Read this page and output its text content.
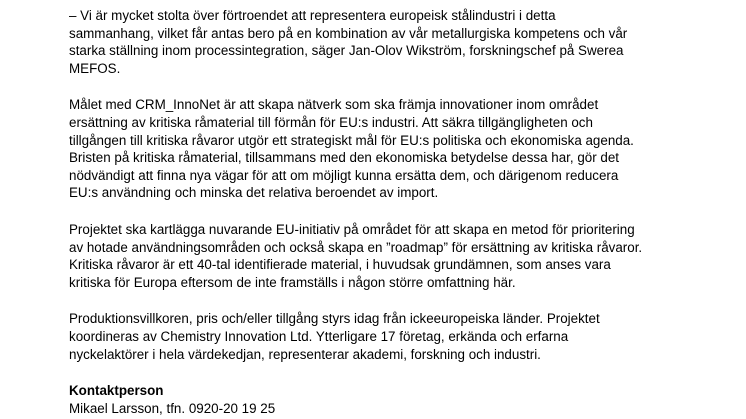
– Vi är mycket stolta över förtroendet att representera europeisk stålindustri i detta
sammanhang, vilket får antas bero på en kombination av vår metallurgiska kompetens och vår
starka ställning inom processintegration, säger Jan-Olov Wikström, forskningschef på Swerea
MEFOS.

Målet med CRM_InnoNet är att skapa nätverk som ska främja innovationer inom området
ersättning av kritiska råmaterial till förmån för EU:s industri. Att säkra tillgängligheten och
tillgången till kritiska råvaror utgör ett strategiskt mål för EU:s politiska och ekonomiska agenda.
Bristen på kritiska råmaterial, tillsammans med den ekonomiska betydelse dessa har, gör det
nödvändigt att finna nya vägar för att om möjligt kunna ersätta dem, och därigenom reducera
EU:s användning och minska det relativa beroendet av import.

Projektet ska kartlägga nuvarande EU-initiativ på området för att skapa en metod för prioritering
av hotade användningsområden och också skapa en ”roadmap” för ersättning av kritiska råvaror.
Kritiska råvaror är ett 40-tal identifierade material, i huvudsak grundämnen, som anses vara
kritiska för Europa eftersom de inte framställs i någon större omfattning här.

Produktionsvillkoren, pris och/eller tillgång styrs idag från ickeeuropeiska länder. Projektet
koordineras av Chemistry Innovation Ltd. Ytterligare 17 företag, erkända och erfarna
nyckelaktörer i hela värdekedjan, representerar akademi, forskning och industri.

Kontaktperson
Mikael Larsson, tfn. 0920-20 19 25
